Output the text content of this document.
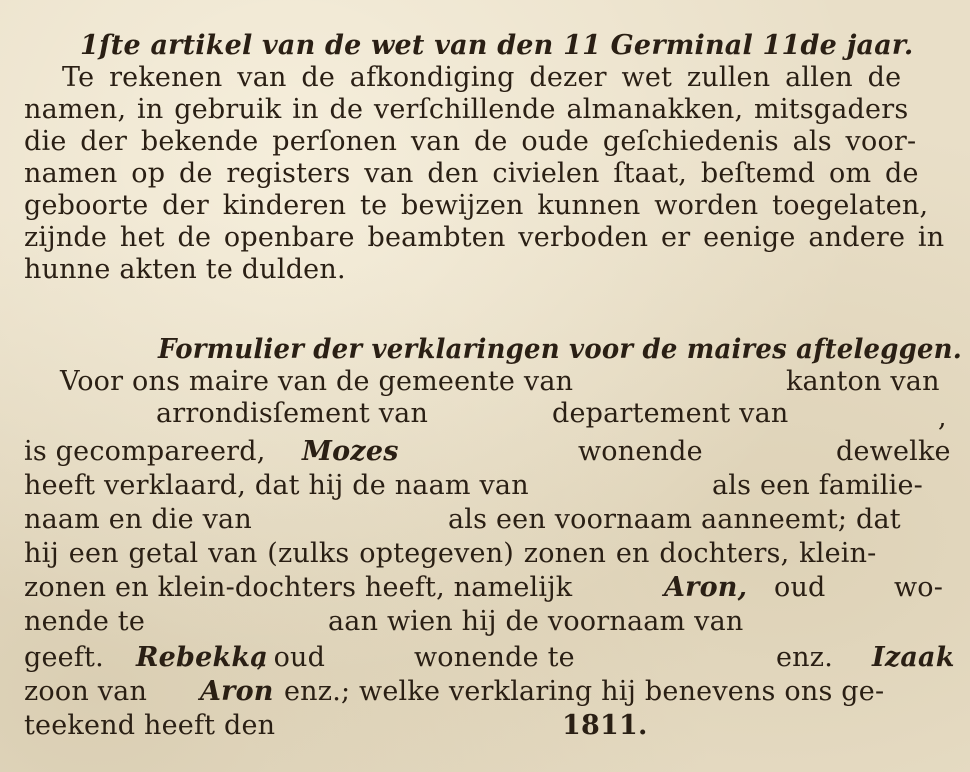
1ſte artikel van de wet van den 11 Germinal 11de jaar.
Te rekenen van de afkondiging dezer wet zullen allen de
namen, in gebruik in de verſchillende almanakken, mitsgaders
die der bekende perſonen van de oude geſchiedenis als voor-
namen op de registers van den civielen ſtaat, beſtemd om de
geboorte der kinderen te bewijzen kunnen worden toegelaten,
zijnde het de openbare beambten verboden er eenige andere in
hunne akten te dulden.
Formulier der verklaringen voor de maires afteleggen.
Voor ons maire van de gemeente van	kanton van
arrondisſement van	departement van	,
is gecompareerd, Mozes	wonende	dewelke
heeft verklaard, dat hij de naam van	als een familie-
naam en die van	als een voornaam aanneemt; dat
hij een getal van (zulks optegeven) zonen en dochters, klein-
zonen en klein-dochters heeft, namelijk	Aron, oud	wo-
nende te	aan wien hij de voornaam van
geeft. Rebekka
, oud	wonende te	enz. Izaak
zoon van Aron enz.; welke verklaring hij benevens ons ge-
teekend heeft den	1811.
